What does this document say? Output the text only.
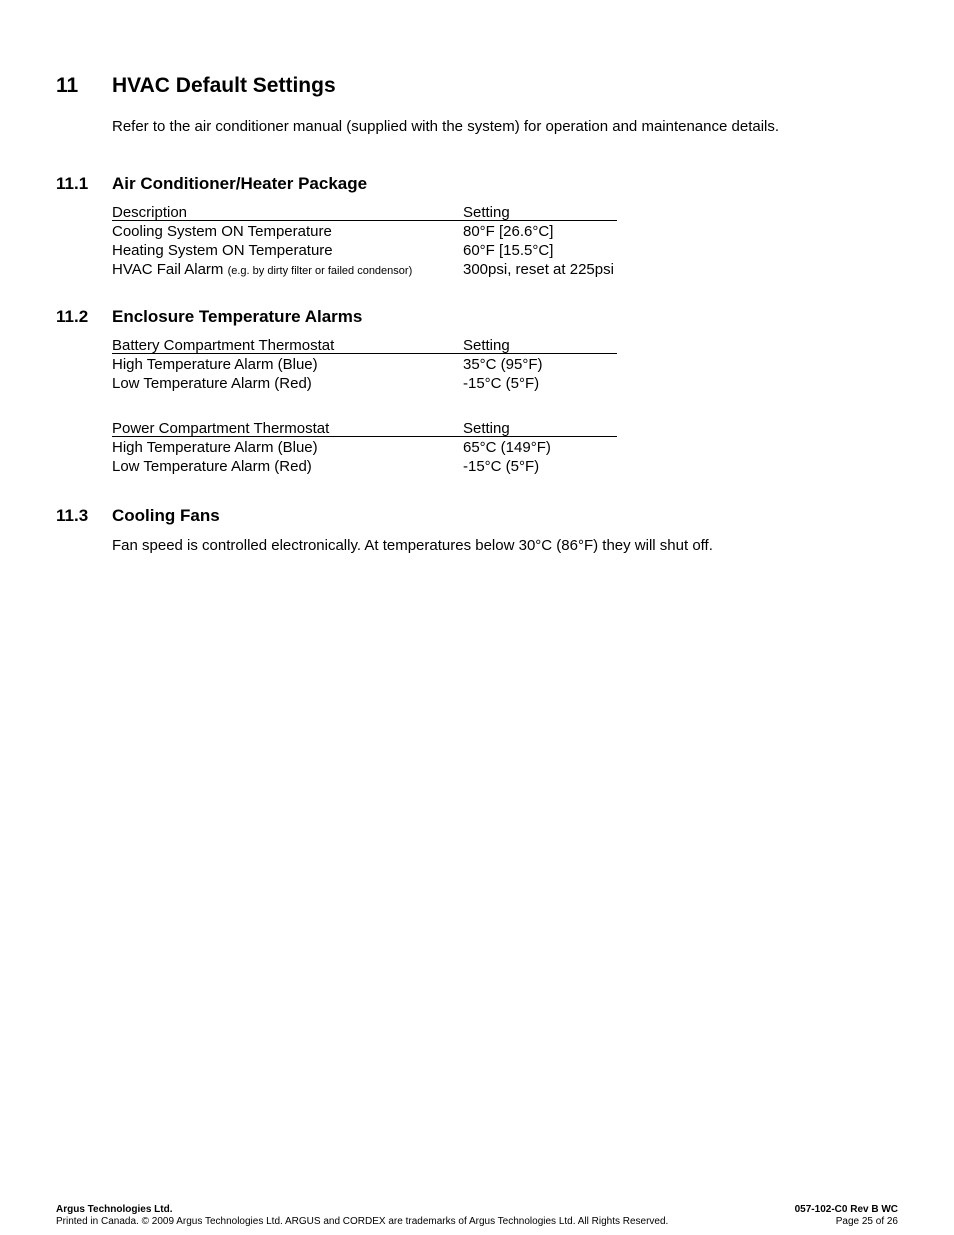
11 HVAC Default Settings
Refer to the air conditioner manual (supplied with the system) for operation and maintenance details.
11.1 Air Conditioner/Heater Package
Description	Setting
Cooling System ON Temperature	80°F [26.6°C]
Heating System ON Temperature	60°F [15.5°C]
HVAC Fail Alarm (e.g. by dirty filter or failed condensor)	300psi, reset at 225psi
11.2 Enclosure Temperature Alarms
Battery Compartment Thermostat	Setting
High Temperature Alarm (Blue)	35°C (95°F)
Low Temperature Alarm (Red)	-15°C (5°F)
Power Compartment Thermostat	Setting
High Temperature Alarm (Blue)	65°C (149°F)
Low Temperature Alarm (Red)	-15°C (5°F)
11.3 Cooling Fans
Fan speed is controlled electronically. At temperatures below 30°C (86°F) they will shut off.
Argus Technologies Ltd.
Printed in Canada. © 2009 Argus Technologies Ltd. ARGUS and CORDEX are trademarks of Argus Technologies Ltd. All Rights Reserved.
057-102-C0 Rev B WC
Page 25 of 26
